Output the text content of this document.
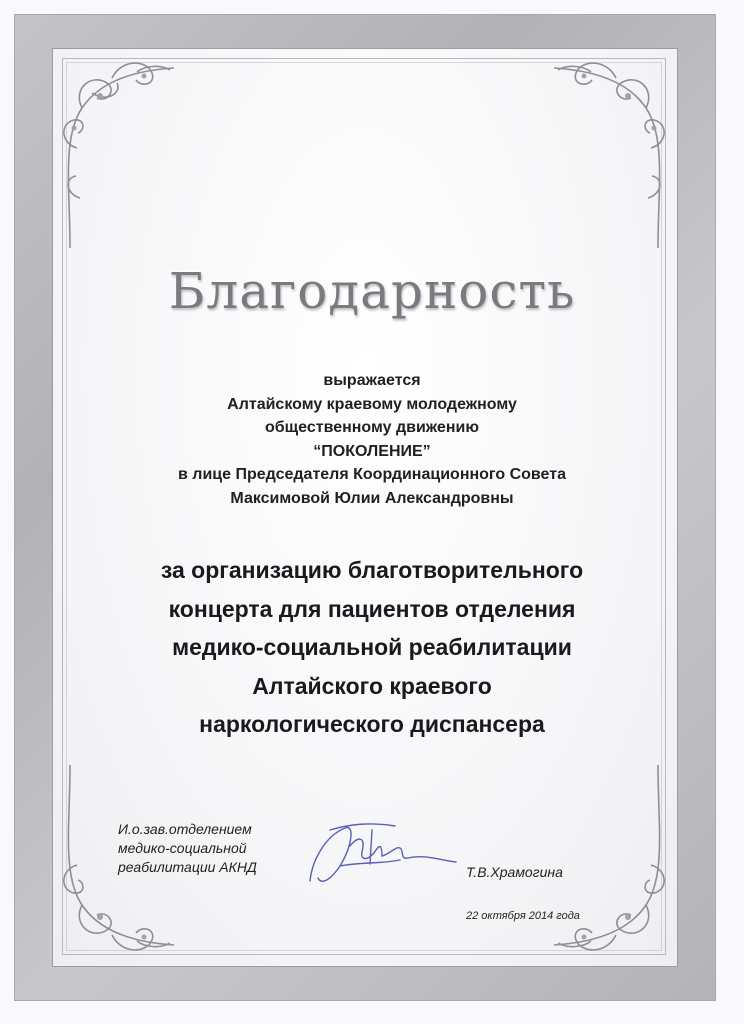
Благодарность
выражается
Алтайскому краевому молодежному
общественному движению
“ПОКОЛЕНИЕ”
в лице Председателя Координационного Совета
Максимовой Юлии Александровны
за организацию благотворительного
концерта для пациентов отделения
медико-социальной реабилитации
Алтайского краевого
наркологического диспансера
И.о.зав.отделением
медико-социальной
реабилитации АКНД	Т.В.Храмогина
22 октября 2014 года
